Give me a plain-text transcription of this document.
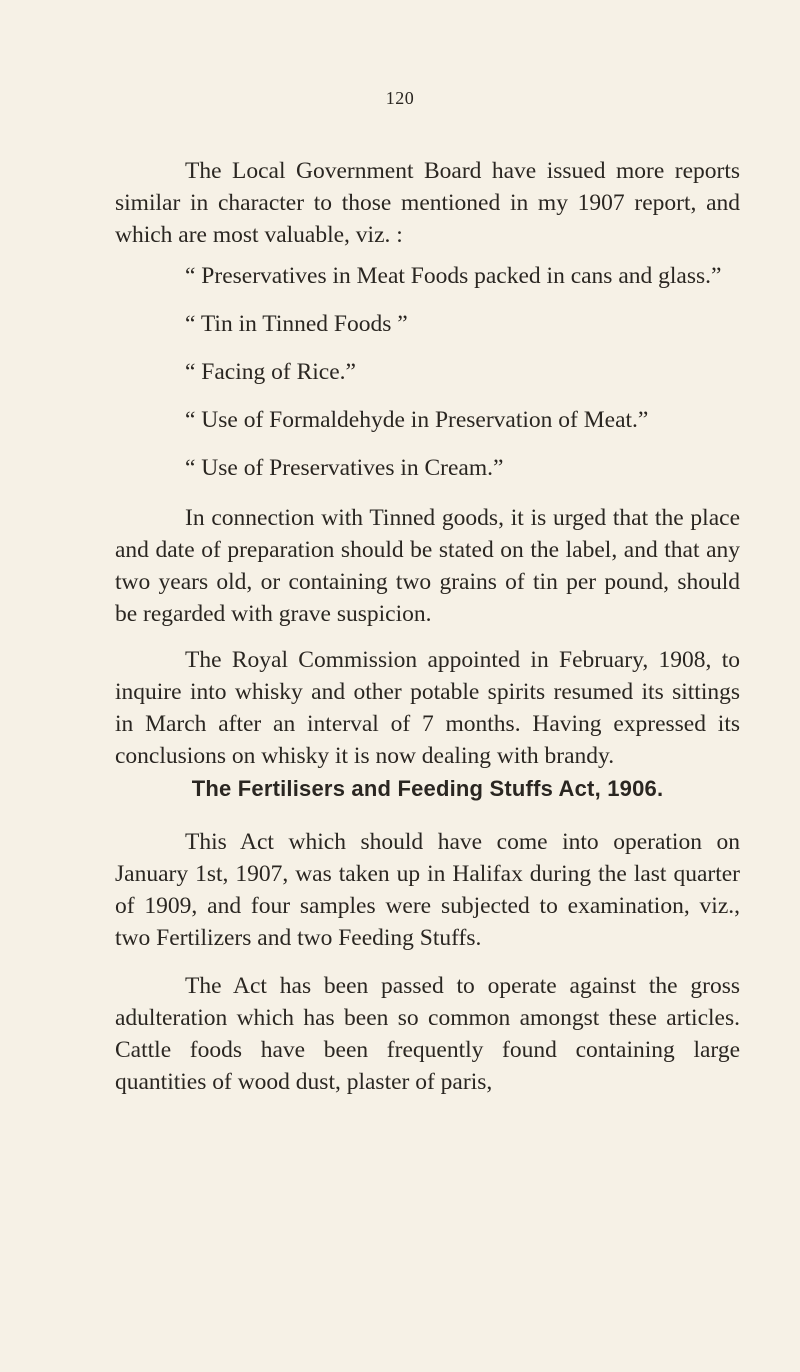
120

The Local Government Board have issued more reports similar in character to those mentioned in my 1907 report, and which are most valuable, viz. :

“ Preservatives in Meat Foods packed in cans and glass.”
“ Tin in Tinned Foods ”
“ Facing of Rice.”
“ Use of Formaldehyde in Preservation of Meat.”
“ Use of Preservatives in Cream.”

In connection with Tinned goods, it is urged that the place and date of preparation should be stated on the label, and that any two years old, or containing two grains of tin per pound, should be regarded with grave suspicion.

The Royal Commission appointed in February, 1908, to inquire into whisky and other potable spirits resumed its sittings in March after an interval of 7 months. Having expressed its conclusions on whisky it is now dealing with brandy.

The Fertilisers and Feeding Stuffs Act, 1906.

This Act which should have come into operation on January 1st, 1907, was taken up in Halifax during the last quarter of 1909, and four samples were subjected to examination, viz., two Fertilizers and two Feeding Stuffs.

The Act has been passed to operate against the gross adulteration which has been so common amongst these articles. Cattle foods have been frequently found containing large quantities of wood dust, plaster of paris,
